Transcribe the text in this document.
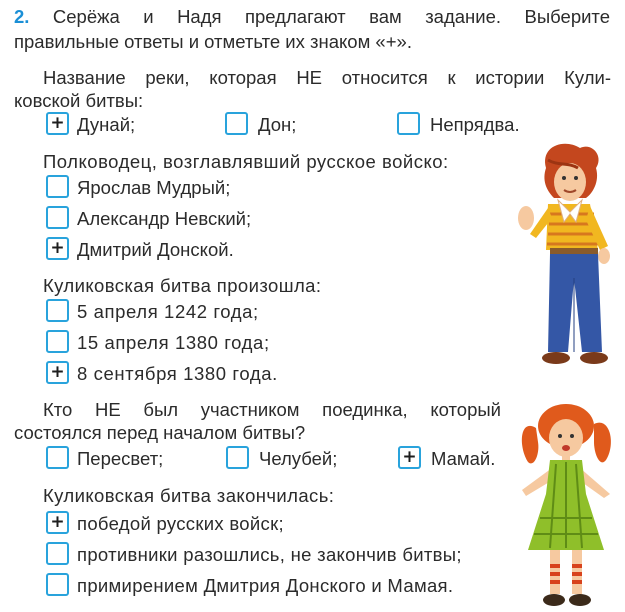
2. Серёжа и Надя предлагают вам задание. Выберите
правильные ответы и отметьте их знаком «+».
Название реки, которая НЕ относится к истории Кули-
ковской битвы:
+ Дунай;	Дон;	Непрядва.
Полководец, возглавлявший русское войско:
Ярослав Мудрый;
Александр Невский;
+ Дмитрий Донской.
Куликовская битва произошла:
5 апреля 1242 года;
15 апреля 1380 года;
+ 8 сентября 1380 года.
Кто НЕ был участником поединка, который
состоялся перед началом битвы?
Пересвет;	Челубей;	+ Мамай.
Куликовская битва закончилась:
+ победой русских войск;
противники разошлись, не закончив битвы;
примирением Дмитрия Донского и Мамая.
